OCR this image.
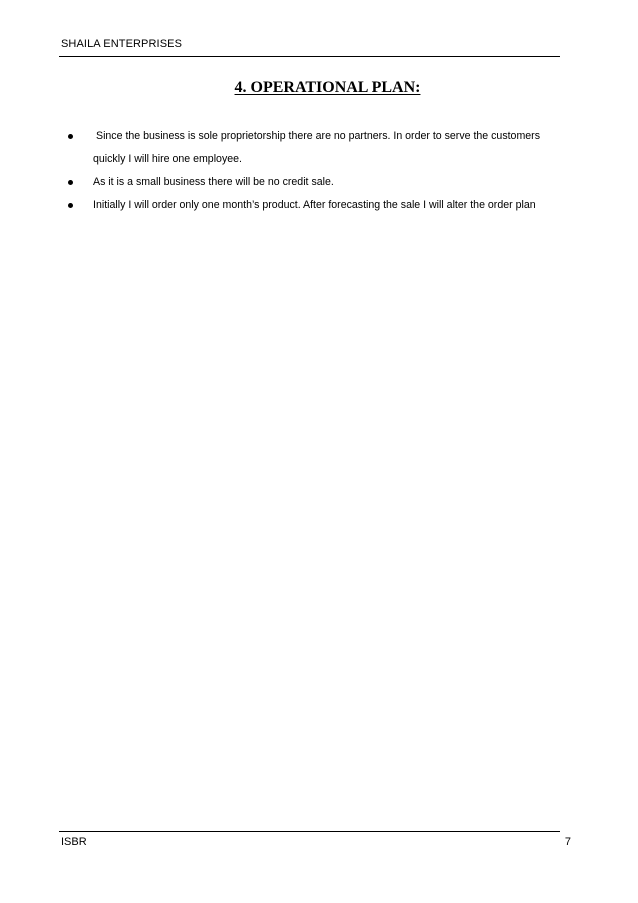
SHAILA ENTERPRISES
4. OPERATIONAL PLAN:
Since the business is sole proprietorship there are no partners. In order to serve the customers
quickly I will hire one employee.
As it is a small business there will be no credit sale.
Initially I will order only one month’s product. After forecasting the sale I will alter the order plan
ISBR	7
